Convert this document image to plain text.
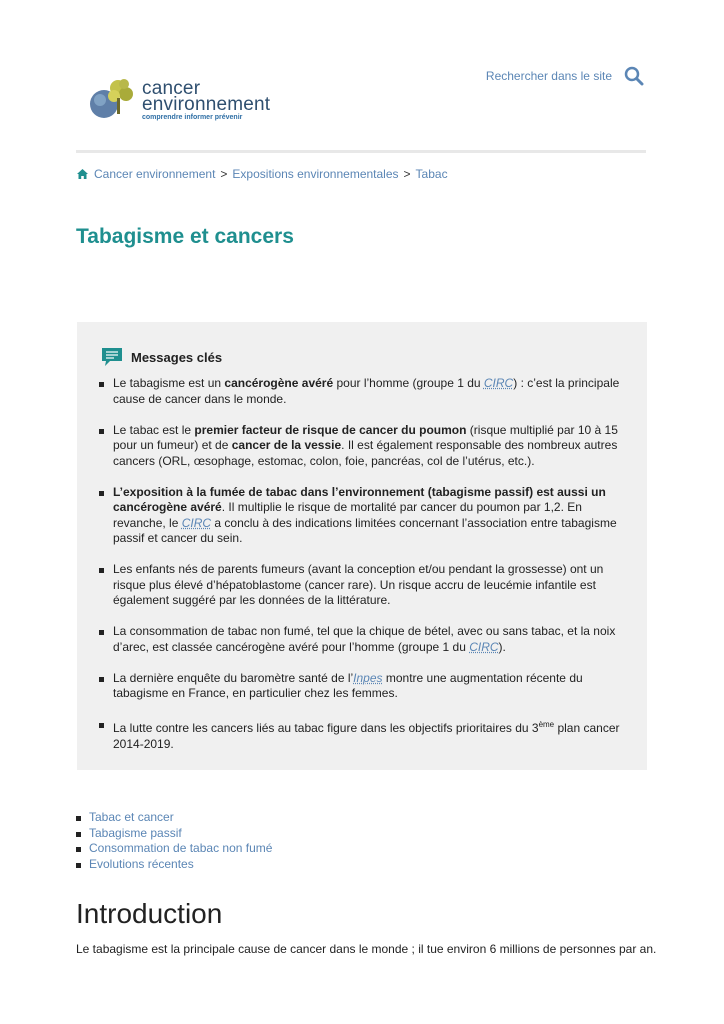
cancer
environnement
comprendre informer prévenir
Rechercher dans le site
Cancer environnement > Expositions environnementales > Tabac
Tabagisme et cancers
Messages clés
Le tabagisme est un cancérogène avéré pour l’homme (groupe 1 du CIRC) : c’est la principale cause de cancer dans le monde.
Le tabac est le premier facteur de risque de cancer du poumon (risque multiplié par 10 à 15 pour un fumeur) et de cancer de la vessie. Il est également responsable des nombreux autres cancers (ORL, œsophage, estomac, colon, foie, pancréas, col de l’utérus, etc.).
L’exposition à la fumée de tabac dans l’environnement (tabagisme passif) est aussi un cancérogène avéré. Il multiplie le risque de mortalité par cancer du poumon par 1,2. En revanche, le CIRC a conclu à des indications limitées concernant l’association entre tabagisme passif et cancer du sein.
Les enfants nés de parents fumeurs (avant la conception et/ou pendant la grossesse) ont un risque plus élevé d’hépatoblastome (cancer rare). Un risque accru de leucémie infantile est également suggéré par les données de la littérature.
La consommation de tabac non fumé, tel que la chique de bétel, avec ou sans tabac, et la noix d’arec, est classée cancérogène avéré pour l’homme (groupe 1 du CIRC).
La dernière enquête du baromètre santé de l’Inpes montre une augmentation récente du tabagisme en France, en particulier chez les femmes.
La lutte contre les cancers liés au tabac figure dans les objectifs prioritaires du 3ème plan cancer 2014-2019.
Tabac et cancer
Tabagisme passif
Consommation de tabac non fumé
Evolutions récentes
Introduction

Le tabagisme est la principale cause de cancer dans le monde ; il tue environ 6 millions de personnes par an.
